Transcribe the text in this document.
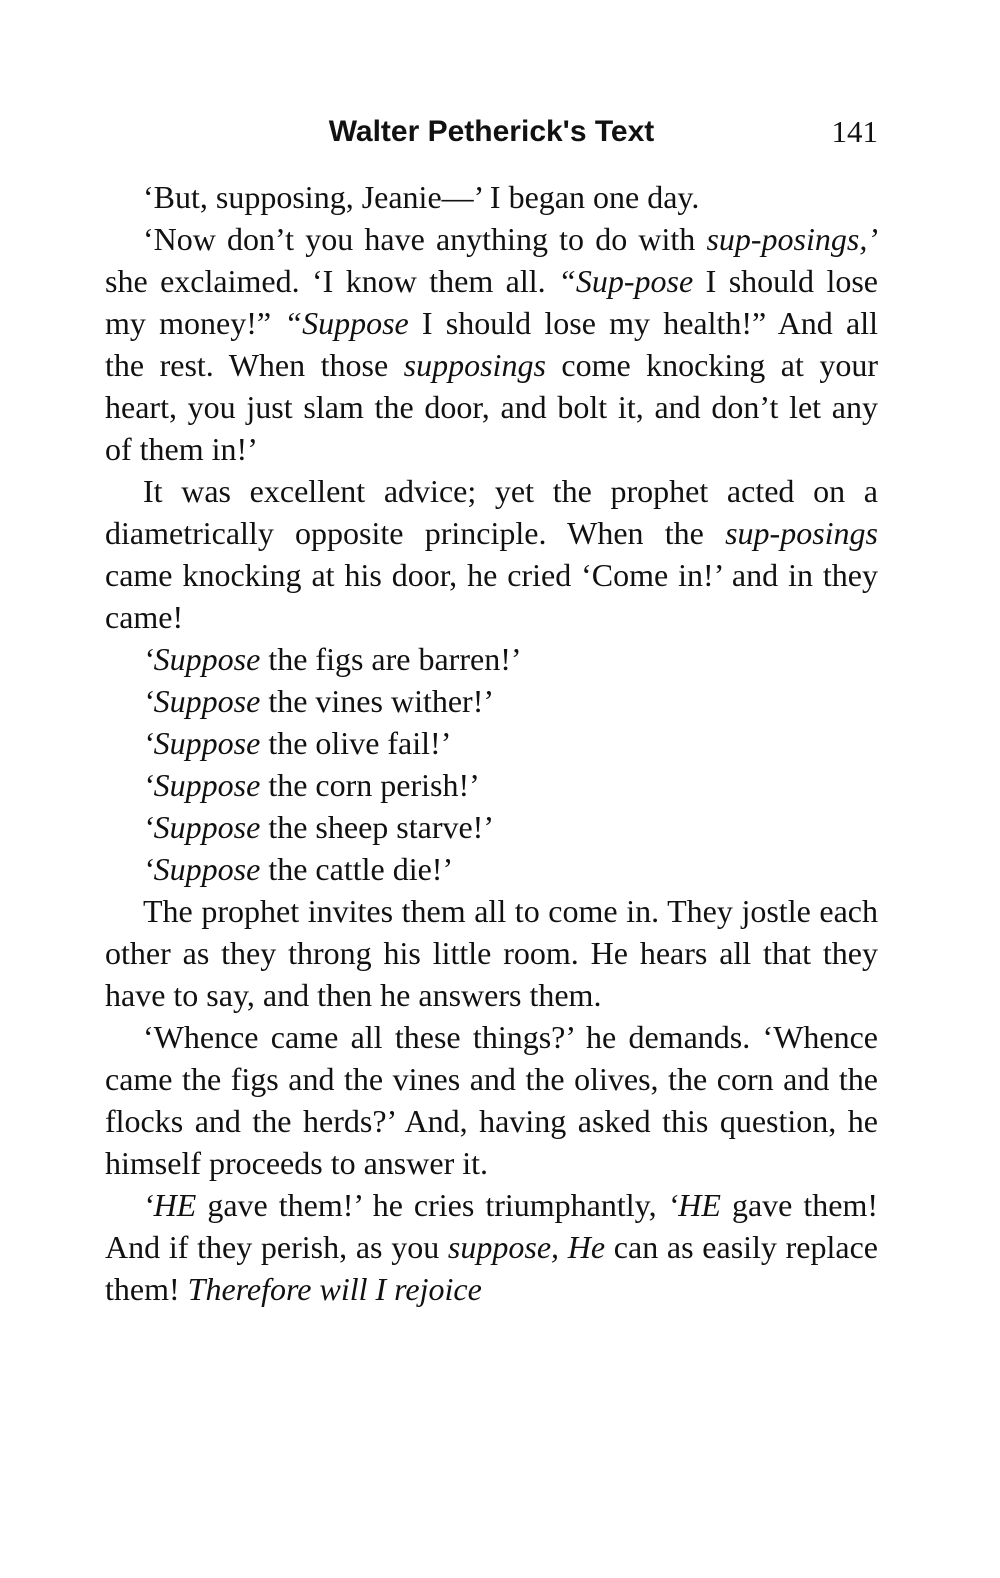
Walter Petherick's Text	141

‘But, supposing, Jeanie—’ I began one day.

‘Now don’t you have anything to do with sup-posings,’ she exclaimed. ‘I know them all. “Sup-pose I should lose my money!” “Suppose I should lose my health!” And all the rest. When those supposings come knocking at your heart, you just slam the door, and bolt it, and don’t let any of them in!’

It was excellent advice; yet the prophet acted on a diametrically opposite principle. When the sup-posings came knocking at his door, he cried ‘Come in!’ and in they came!

‘Suppose the figs are barren!’

‘Suppose the vines wither!’

‘Suppose the olive fail!’

‘Suppose the corn perish!’

‘Suppose the sheep starve!’

‘Suppose the cattle die!’

The prophet invites them all to come in. They jostle each other as they throng his little room. He hears all that they have to say, and then he answers them.

‘Whence came all these things?’ he demands. ‘Whence came the figs and the vines and the olives, the corn and the flocks and the herds?’ And, having asked this question, he himself proceeds to answer it.

‘HE gave them!’ he cries triumphantly, ‘HE gave them! And if they perish, as you suppose, He can as easily replace them! Therefore will I rejoice
